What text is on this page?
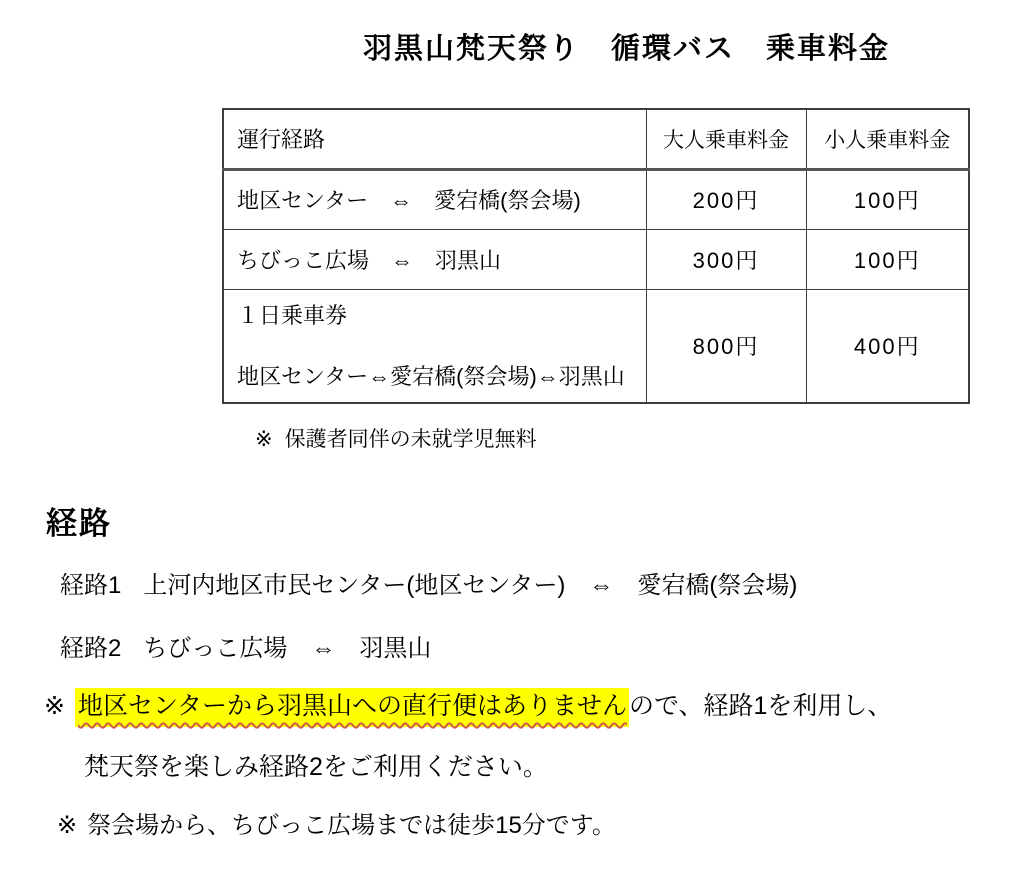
羽黒山梵天祭り　循環バス　乗車料金
運行経路	大人乗車料金	小人乗車料金
地区センター　⇔　愛宕橋(祭会場)	200円	100円
ちびっこ広場　⇔　羽黒山	300円	100円

１日乗車券
地区センター⇔愛宕橋(祭会場)⇔羽黒山	800円	400円

※ 保護者同伴の未就学児無料

経路

経路1 上河内地区市民センター(地区センター)　⇔　愛宕橋(祭会場)

経路2 ちびっこ広場　⇔　羽黒山

※ 地区センターから羽黒山への直行便はありませんので、経路1を利用し、

梵天祭を楽しみ経路2をご利用ください。

※ 祭会場から、ちびっこ広場までは徒歩15分です。
